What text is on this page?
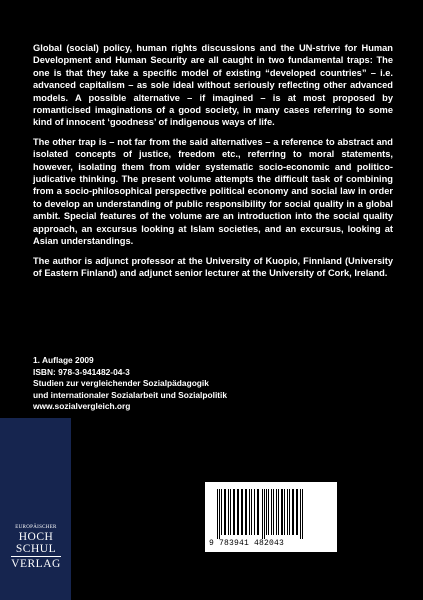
Global (social) policy, human rights discussions and the UN-strive for Human Development and Human Security are all caught in two fundamental traps: The one is that they take a specific model of existing “developed countries” – i.e. advanced capitalism – as sole ideal without seriously reflecting other advanced models. A possible alternative – if imagined – is at most proposed by romanticised imaginations of a good society, in many cases referring to some kind of innocent ‘goodness’ of indigenous ways of life.

The other trap is – not far from the said alternatives – a reference to abstract and isolated concepts of justice, freedom etc., referring to moral statements, however, isolating them from wider systematic socio-economic and politico-judicative thinking. The present volume attempts the difficult task of combining from a socio-philosophical perspective political economy and social law in order to develop an understanding of public responsibility for social quality in a global ambit. Special features of the volume are an introduction into the social quality approach, an excursus looking at Islam societies, and an excursus, looking at Asian understandings.

The author is adjunct professor at the University of Kuopio, Finnland (University of Eastern Finland) and adjunct senior lecturer at the University of Cork, Ireland.

1. Auflage 2009
ISBN: 978-3-941482-04-3
Studien zur vergleichender Sozialpädagogik
und internationaler Sozialarbeit und Sozialpolitik
www.sozialvergleich.org
EUROPÄISCHER
HOCH
SCHUL
VERLAG
9 783941 482043
